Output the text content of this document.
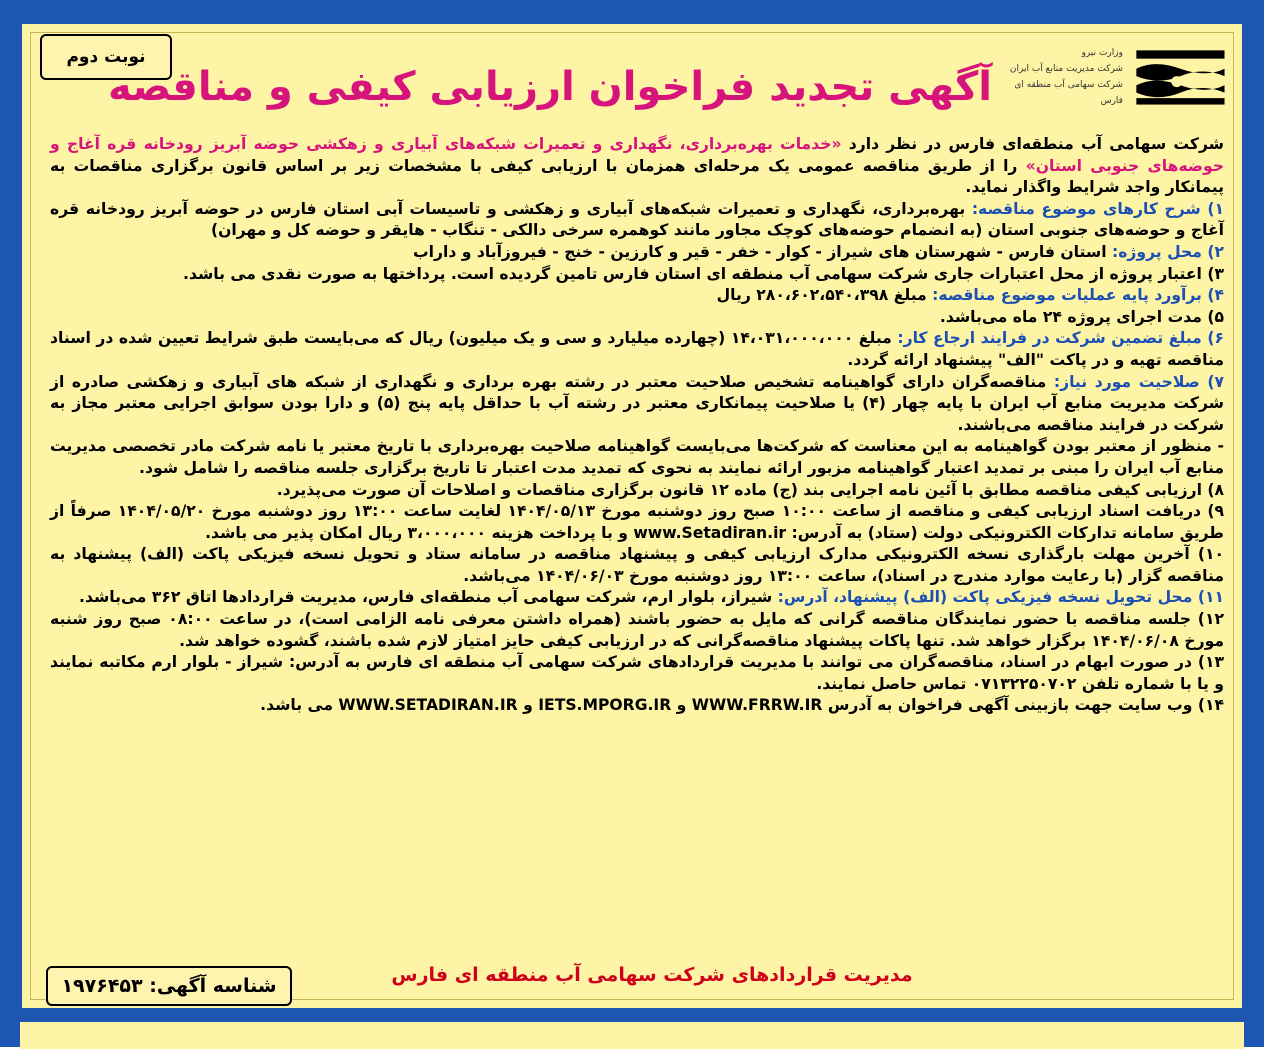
نوبت دوم
آگهی تجدید فراخوان ارزیابی کیفی و مناقصه
وزارت نیرو
شرکت مدیریت منابع آب ایران
شرکت سهامی آب منطقه ای فارس

شرکت سهامی آب منطقه‌ای فارس در نظر دارد «خدمات بهره‌برداری، نگهداری و تعمیرات شبکه‌های آبیاری و زهکشی حوضه آبریز رودخانه قره آغاج و حوضه‌های جنوبی استان» را از طریق مناقصه عمومی یک مرحله‌ای همزمان با ارزیابی کیفی با مشخصات زیر بر اساس قانون برگزاری مناقصات به پیمانکار واجد شرایط واگذار نماید.

۱) شرح کارهای موضوع مناقصه: بهره‌برداری، نگهداری و تعمیرات شبکه‌های آبیاری و زهکشی و تاسیسات آبی استان فارس در حوضه آبریز رودخانه قره آغاج و حوضه‌های جنوبی استان (به انضمام حوضه‌های کوچک مجاور مانند کوهمره سرخی دالکی - تنگاب - هایقر و حوضه کل و مهران)

۲) محل پروژه: استان فارس - شهرستان های شیراز - کوار - خفر - قیر و کارزین - خنج - فیروزآباد و داراب

۳) اعتبار پروژه از محل اعتبارات جاری شرکت سهامی آب منطقه ای استان فارس تامین گردیده است. پرداختها به صورت نقدی می باشد.

۴) برآورد پایه عملیات موضوع مناقصه: مبلغ ۲۸۰،۶۰۲،۵۴۰،۳۹۸ ریال

۵) مدت اجرای پروژه ۲۴ ماه می‌باشد.

۶) مبلغ تضمین شرکت در فرایند ارجاع کار: مبلغ ۱۴،۰۳۱،۰۰۰،۰۰۰ (چهارده میلیارد و سی و یک میلیون) ریال که می‌بایست طبق شرایط تعیین شده در اسناد مناقصه تهیه و در پاکت "الف" پیشنهاد ارائه گردد.

۷) صلاحیت مورد نیاز: مناقصه‌گران دارای گواهینامه تشخیص صلاحیت معتبر در رشته بهره برداری و نگهداری از شبکه های آبیاری و زهکشی صادره از شرکت مدیریت منابع آب ایران با پایه چهار (۴) یا صلاحیت پیمانکاری معتبر در رشته آب با حداقل پایه پنج (۵) و دارا بودن سوابق اجرایی معتبر مجاز به شرکت در فرایند مناقصه می‌باشند.

- منظور از معتبر بودن گواهینامه به این معناست که شرکت‌ها می‌بایست گواهینامه صلاحیت بهره‌برداری با تاریخ معتبر یا نامه شرکت مادر تخصصی مدیریت منابع آب ایران را مبنی بر تمدید اعتبار گواهینامه مزبور ارائه نمایند به نحوی که تمدید مدت اعتبار تا تاریخ برگزاری جلسه مناقصه را شامل شود.

۸) ارزیابی کیفی مناقصه مطابق با آئین نامه اجرایی بند (ج) ماده ۱۲ قانون برگزاری مناقصات و اصلاحات آن صورت می‌پذیرد.

۹) دریافت اسناد ارزیابی کیفی و مناقصه از ساعت ۱۰:۰۰ صبح روز دوشنبه مورخ ۱۴۰۴/۰۵/۱۳ لغایت ساعت ۱۳:۰۰ روز دوشنبه مورخ ۱۴۰۴/۰۵/۲۰ صرفاً از طریق سامانه تدارکات الکترونیکی دولت (ستاد) به آدرس: www.Setadiran.ir و با پرداخت هزینه ۳،۰۰۰،۰۰۰ ریال امکان پذیر می باشد.

۱۰) آخرین مهلت بارگذاری نسخه الکترونیکی مدارک ارزیابی کیفی و پیشنهاد مناقصه در سامانه ستاد و تحویل نسخه فیزیکی پاکت (الف) پیشنهاد به مناقصه گزار (با رعایت موارد مندرج در اسناد)، ساعت ۱۳:۰۰ روز دوشنبه مورخ ۱۴۰۴/۰۶/۰۳ می‌باشد.

۱۱) محل تحویل نسخه فیزیکی پاکت (الف) پیشنهاد، آدرس: شیراز، بلوار ارم، شرکت سهامی آب منطقه‌ای فارس، مدیریت قراردادها اتاق ۳۶۲ می‌باشد.

۱۲) جلسه مناقصه با حضور نمایندگان مناقصه گرانی که مایل به حضور باشند (همراه داشتن معرفی نامه الزامی است)، در ساعت ۰۸:۰۰ صبح روز شنبه مورخ ۱۴۰۴/۰۶/۰۸ برگزار خواهد شد. تنها پاکات پیشنهاد مناقصه‌گرانی که در ارزیابی کیفی حایز امتیاز لازم شده باشند، گشوده خواهد شد.

۱۳) در صورت ابهام در اسناد، مناقصه‌گران می توانند با مدیریت قراردادهای شرکت سهامی آب منطقه ای فارس به آدرس: شیراز - بلوار ارم مکاتبه نمایند و یا با شماره تلفن ۰۷۱۳۲۲۵۰۷۰۲ تماس حاصل نمایند.

۱۴) وب سایت جهت بازبینی آگهی فراخوان به آدرس WWW.FRRW.IR و IETS.MPORG.IR و WWW.SETADIRAN.IR می باشد.

مدیریت قراردادهای شرکت سهامی آب منطقه ای فارس
شناسه آگهی: ۱۹۷۶۴۵۳
